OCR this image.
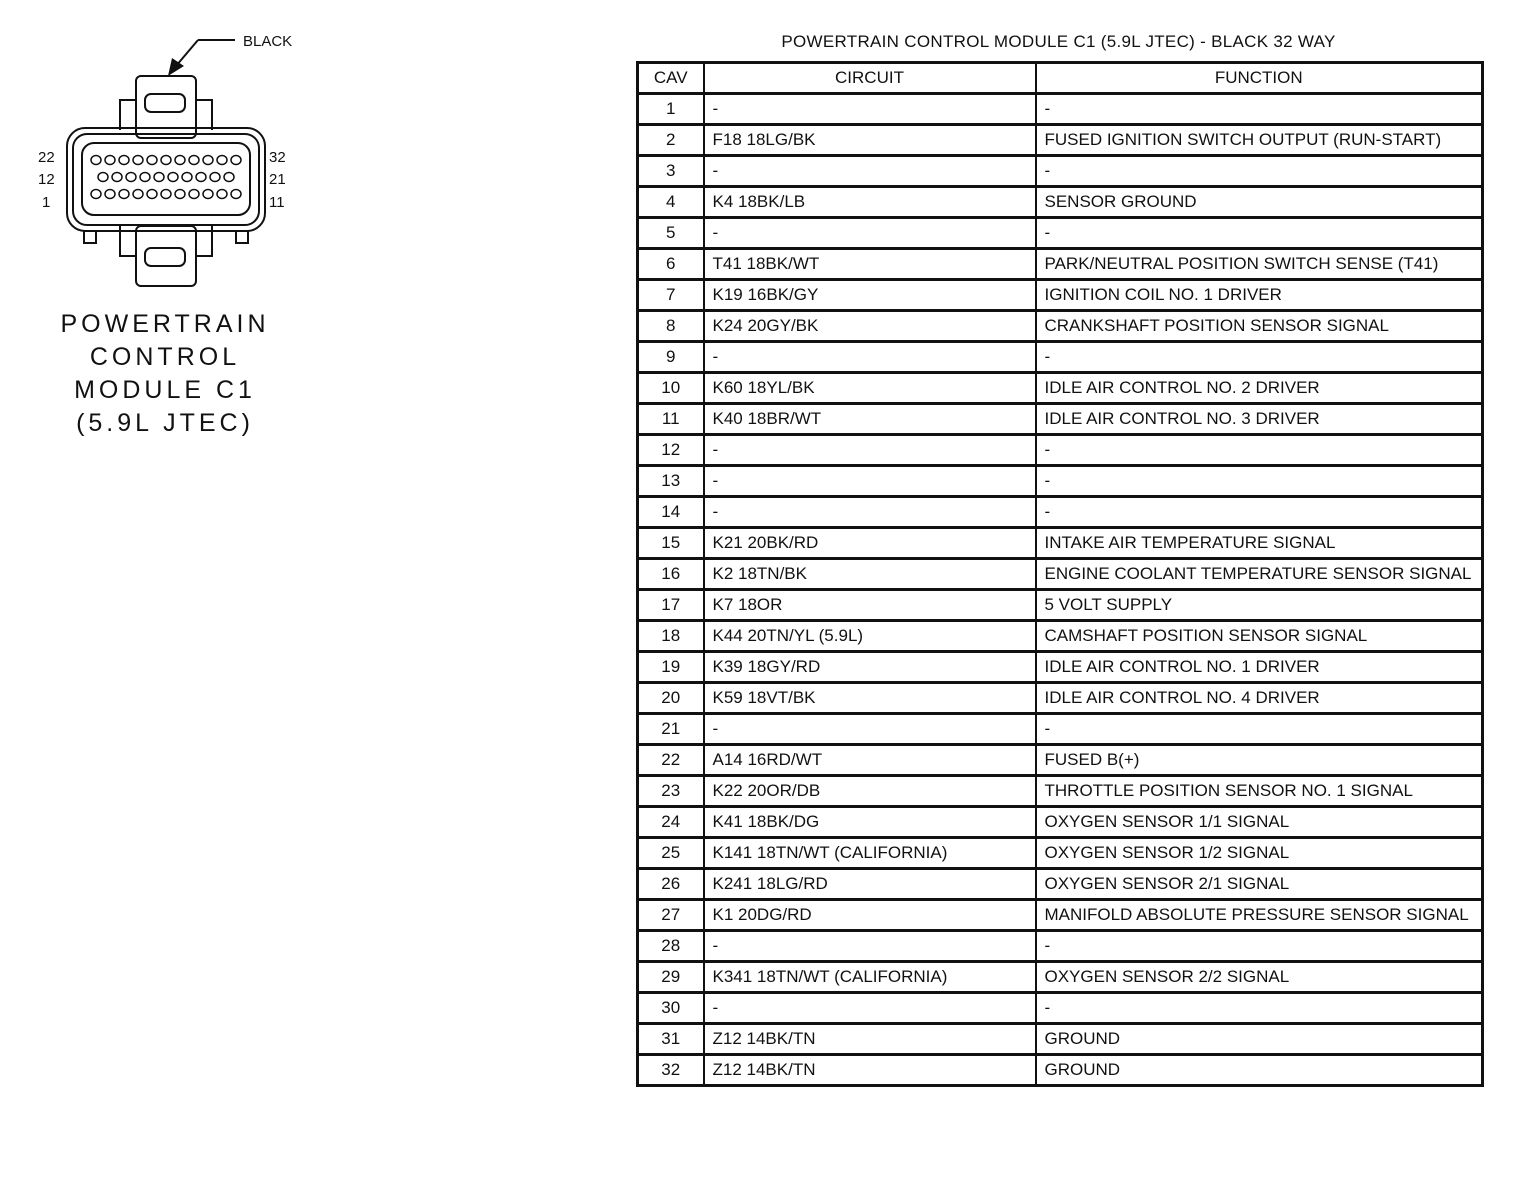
BLACK
22
12
1
32
21
11
POWERTRAIN
CONTROL
MODULE C1
(5.9L JTEC)
POWERTRAIN CONTROL MODULE C1 (5.9L JTEC) - BLACK 32 WAY
CAV	CIRCUIT	FUNCTION
1	-	-
2	F18 18LG/BK	FUSED IGNITION SWITCH OUTPUT (RUN-START)
3	-	-
4	K4 18BK/LB	SENSOR GROUND
5	-	-
6	T41 18BK/WT	PARK/NEUTRAL POSITION SWITCH SENSE (T41)
7	K19 16BK/GY	IGNITION COIL NO. 1 DRIVER
8	K24 20GY/BK	CRANKSHAFT POSITION SENSOR SIGNAL
9	-	-
10	K60 18YL/BK	IDLE AIR CONTROL NO. 2 DRIVER
11	K40 18BR/WT	IDLE AIR CONTROL NO. 3 DRIVER
12	-	-
13	-	-
14	-	-
15	K21 20BK/RD	INTAKE AIR TEMPERATURE SIGNAL
16	K2 18TN/BK	ENGINE COOLANT TEMPERATURE SENSOR SIGNAL
17	K7 18OR	5 VOLT SUPPLY
18	K44 20TN/YL (5.9L)	CAMSHAFT POSITION SENSOR SIGNAL
19	K39 18GY/RD	IDLE AIR CONTROL NO. 1 DRIVER
20	K59 18VT/BK	IDLE AIR CONTROL NO. 4 DRIVER
21	-	-
22	A14 16RD/WT	FUSED B(+)
23	K22 20OR/DB	THROTTLE POSITION SENSOR NO. 1 SIGNAL
24	K41 18BK/DG	OXYGEN SENSOR 1/1 SIGNAL
25	K141 18TN/WT (CALIFORNIA)	OXYGEN SENSOR 1/2 SIGNAL
26	K241 18LG/RD	OXYGEN SENSOR 2/1 SIGNAL
27	K1 20DG/RD	MANIFOLD ABSOLUTE PRESSURE SENSOR SIGNAL
28	-	-
29	K341 18TN/WT (CALIFORNIA)	OXYGEN SENSOR 2/2 SIGNAL
30	-	-
31	Z12 14BK/TN	GROUND
32	Z12 14BK/TN	GROUND
